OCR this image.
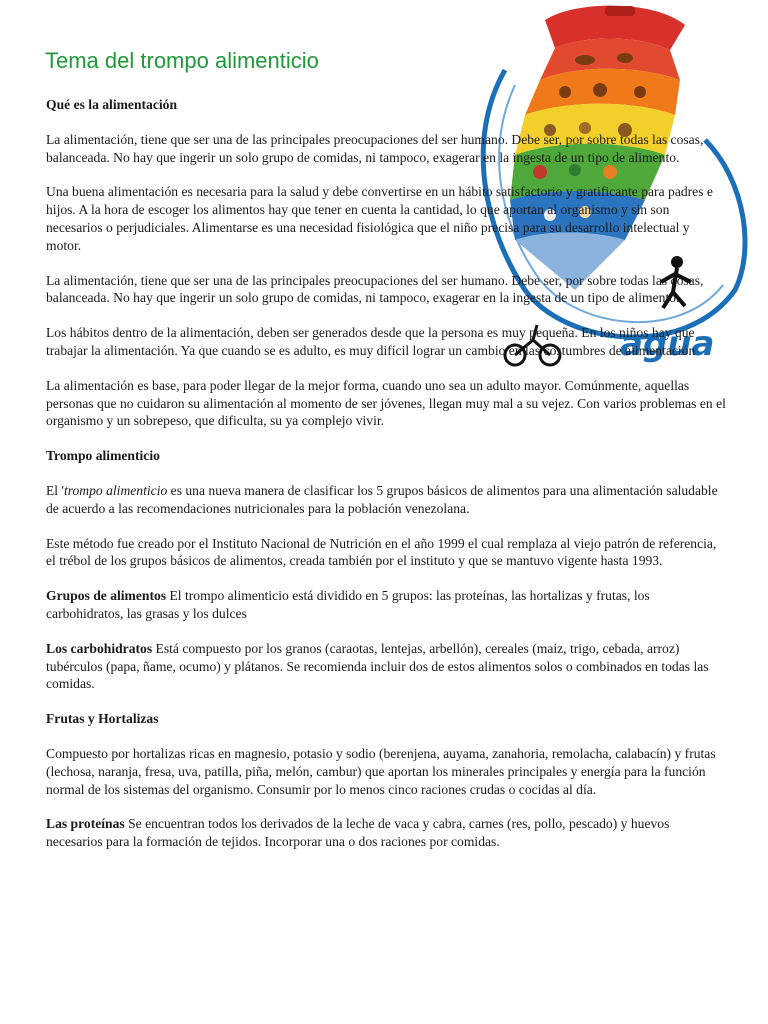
agua
Tema del trompo alimenticio

Qué es la alimentación

La alimentación, tiene que ser una de las principales preocupaciones del ser humano. Debe ser, por sobre todas las cosas, balanceada. No hay que ingerir un solo grupo de comidas, ni tampoco, exagerar en la ingesta de un tipo de alimento.

Una buena alimentación es necesaria para la salud y debe convertirse en un hábito satisfactorio y gratificante para padres e hijos. A la hora de escoger los alimentos hay que tener en cuenta la cantidad, lo que aportan al organismo y sin son necesarios o perjudiciales. Alimentarse es una necesidad fisiológica que el niño precisa para su desarrollo intelectual y motor.

La alimentación, tiene que ser una de las principales preocupaciones del ser humano. Debe ser, por sobre todas las cosas, balanceada. No hay que ingerir un solo grupo de comidas, ni tampoco, exagerar en la ingesta de un tipo de alimento.

Los hábitos dentro de la alimentación, deben ser generados desde que la persona es muy pequeña. En los niños hay que trabajar la alimentación. Ya que cuando se es adulto, es muy difícil lograr un cambio en las costumbres de alimentación

La alimentación es base, para poder llegar de la mejor forma, cuando uno sea un adulto mayor. Comúnmente, aquellas personas que no cuidaron su alimentación al momento de ser jóvenes, llegan muy mal a su vejez. Con varios problemas en el organismo y un sobrepeso, que dificulta, su ya complejo vivir.

Trompo alimenticio

El 'trompo alimenticio es una nueva manera de clasificar los 5 grupos básicos de alimentos para una alimentación saludable de acuerdo a las recomendaciones nutricionales para la población venezolana.

Este método fue creado por el Instituto Nacional de Nutrición en el año 1999 el cual remplaza al viejo patrón de referencia, el trébol de los grupos básicos de alimentos, creada también por el instituto y que se mantuvo vigente hasta 1993.

Grupos de alimentos El trompo alimenticio está dividido en 5 grupos: las proteínas, las hortalizas y frutas, los carbohidratos, las grasas y los dulces

Los carbohidratos Está compuesto por los granos (caraotas, lentejas, arbellón), cereales (maiz, trigo, cebada, arroz) tubérculos (papa, ñame, ocumo) y plátanos. Se recomienda incluir dos de estos alimentos solos o combinados en todas las comidas.

Frutas y Hortalizas

Compuesto por hortalizas ricas en magnesio, potasio y sodio (berenjena, auyama, zanahoria, remolacha, calabacín) y frutas (lechosa, naranja, fresa, uva, patilla, piña, melón, cambur) que aportan los minerales principales y energía para la función normal de los sistemas del organismo. Consumir por lo menos cinco raciones crudas o cocidas al día.

Las proteínas Se encuentran todos los derivados de la leche de vaca y cabra, carnes (res, pollo, pescado) y huevos necesarios para la formación de tejidos. Incorporar una o dos raciones por comidas.
